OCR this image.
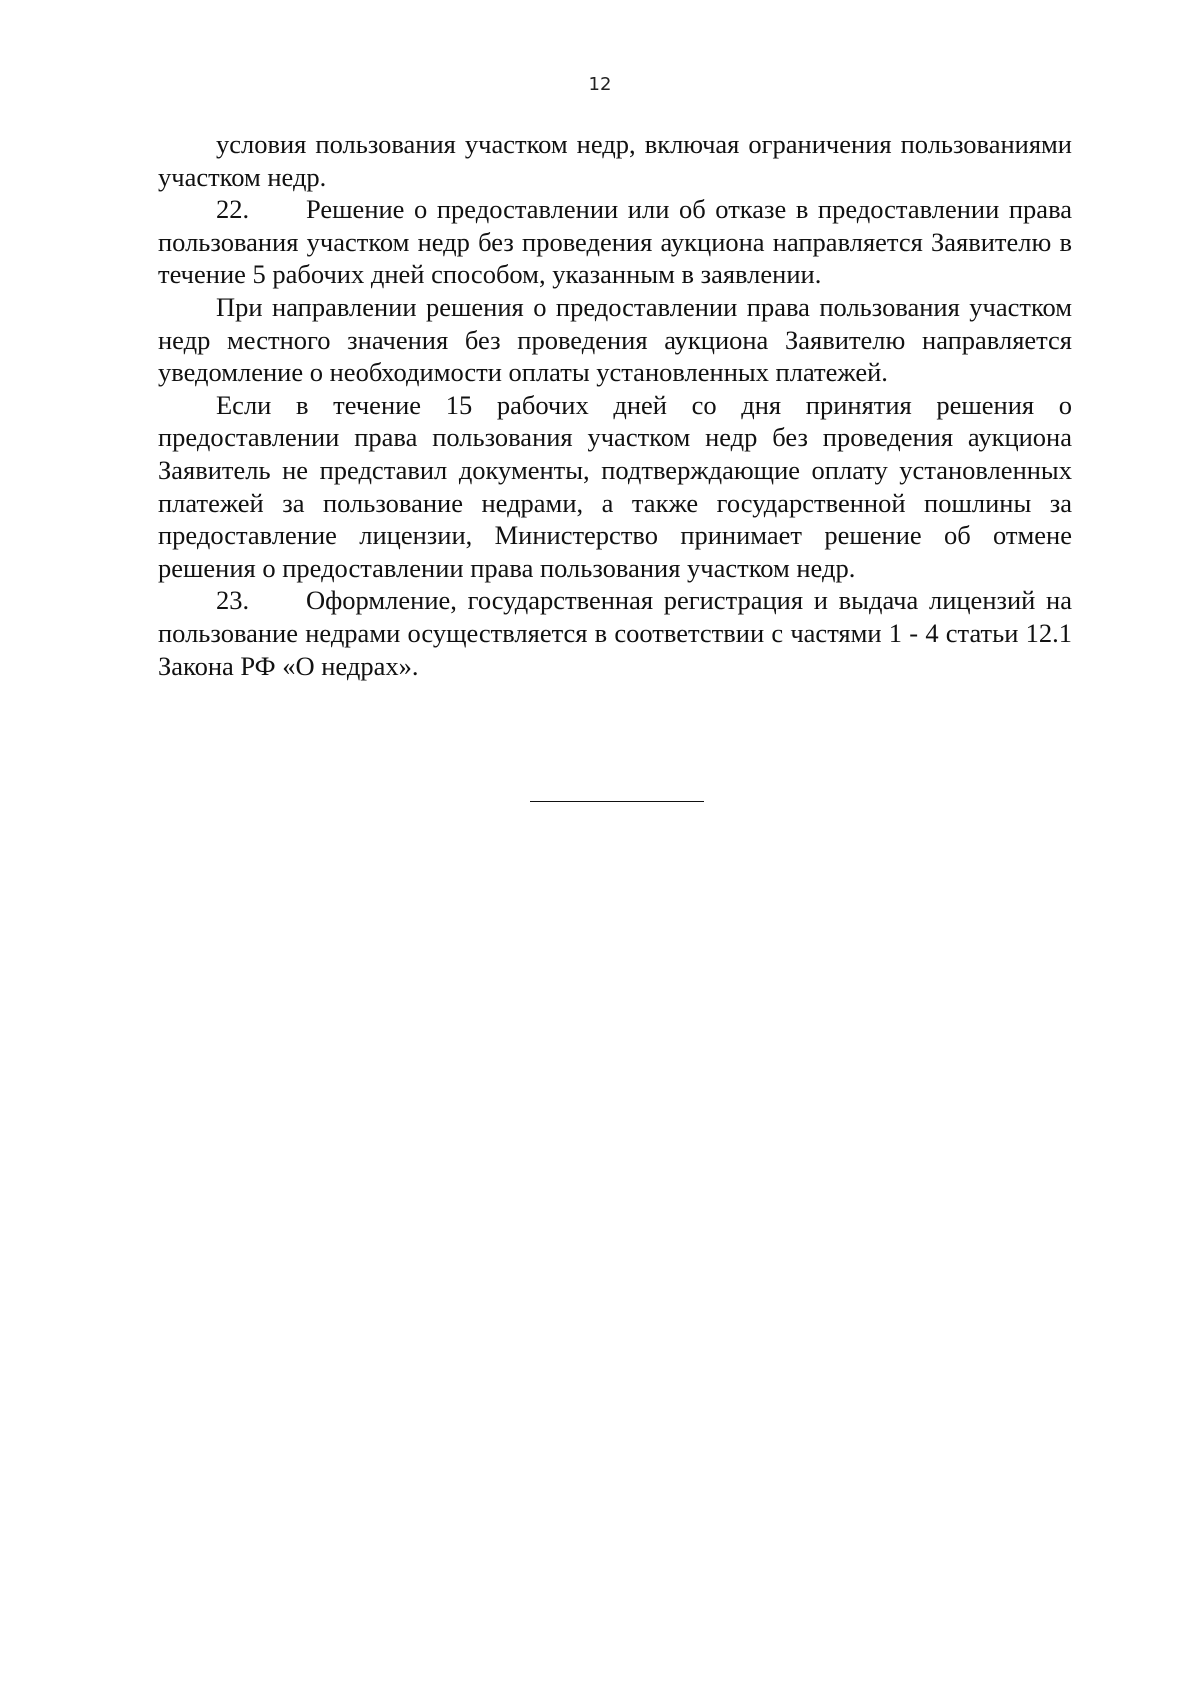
12

условия пользования участком недр, включая ограничения пользованиями участком недр.

22. Решение о предоставлении или об отказе в предоставлении права пользования участком недр без проведения аукциона направляется Заявителю в течение 5 рабочих дней способом, указанным в заявлении.

При направлении решения о предоставлении права пользования участком недр местного значения без проведения аукциона Заявителю направляется уведомление о необходимости оплаты установленных платежей.

Если в течение 15 рабочих дней со дня принятия решения о предоставлении права пользования участком недр без проведения аукциона Заявитель не представил документы, подтверждающие оплату установленных платежей за пользование недрами, а также государственной пошлины за предоставление лицензии, Министерство принимает решение об отмене решения о предоставлении права пользования участком недр.

23. Оформление, государственная регистрация и выдача лицензий на пользование недрами осуществляется в соответствии с частями 1 - 4 статьи 12.1 Закона РФ «О недрах».
